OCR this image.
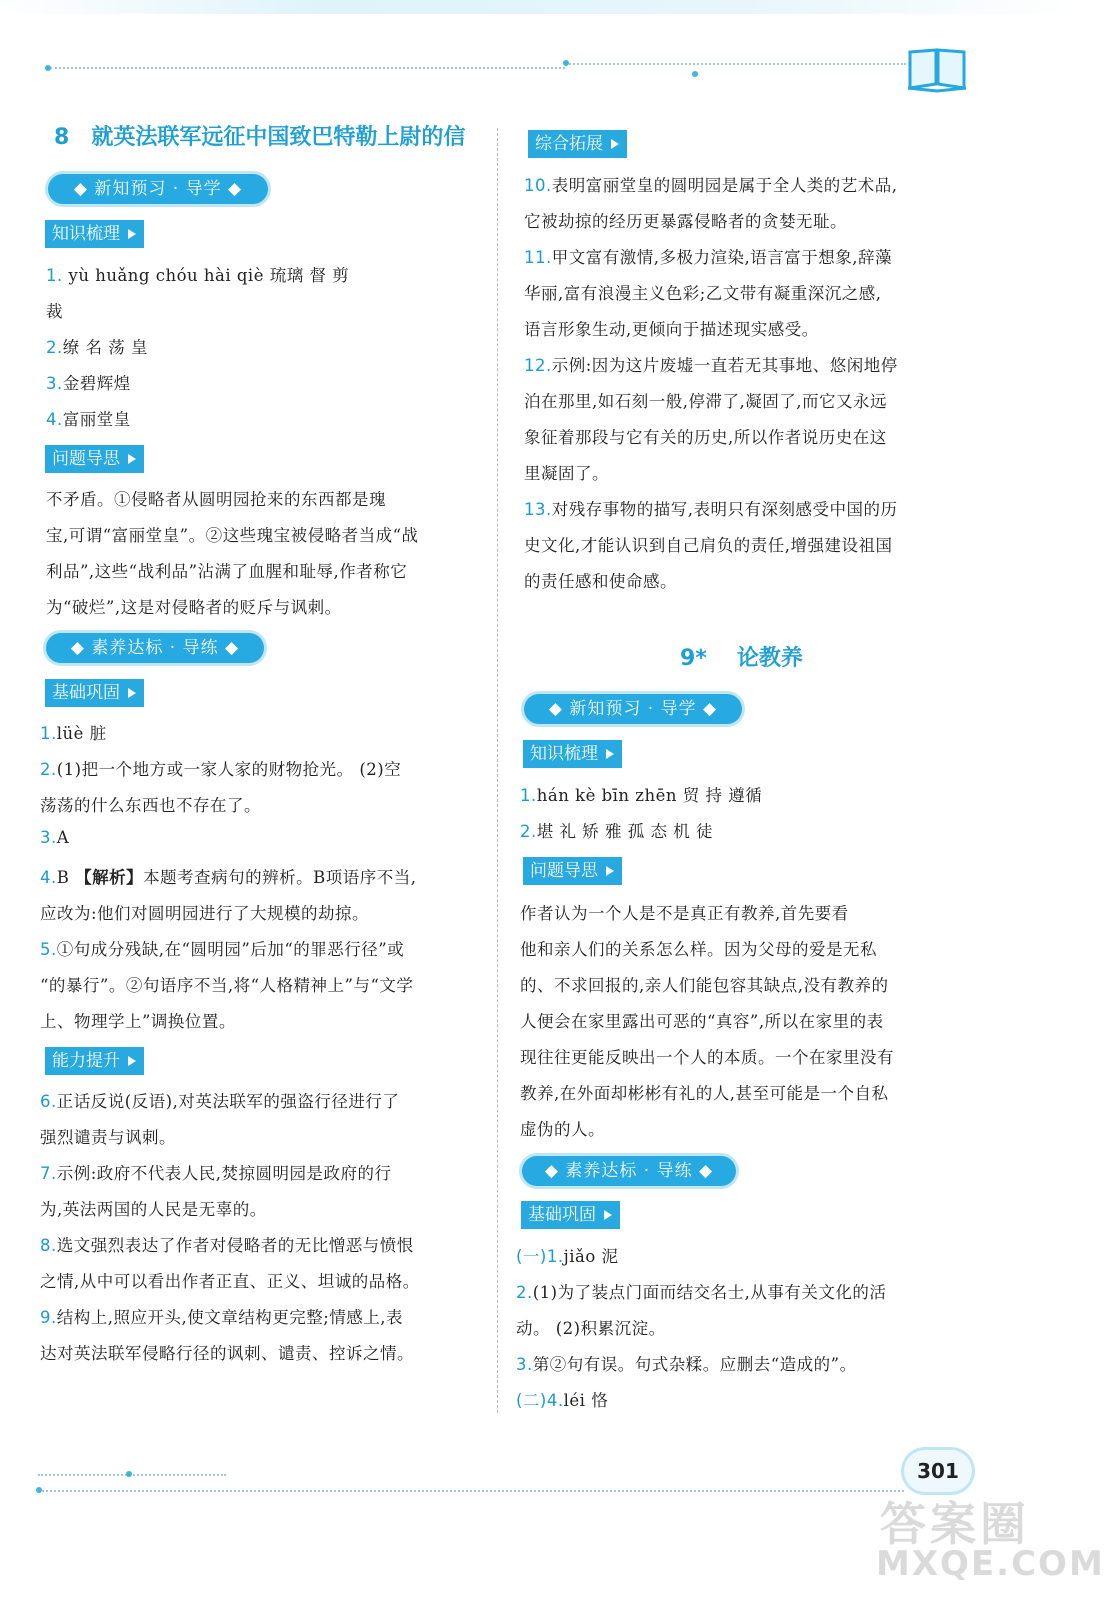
8 就英法联军远征中国致巴特勒上尉的信
◆ 新知预习 · 导学 ◆
知识梳理
1. yù huǎng chóu hài qiè 琉璃 督 剪
裁
2.缭 名 荡 皇
3.金碧辉煌
4.富丽堂皇
问题导思
不矛盾。①侵略者从圆明园抢来的东西都是瑰
宝,可谓“富丽堂皇”。②这些瑰宝被侵略者当成“战
利品”,这些“战利品”沾满了血腥和耻辱,作者称它
为“破烂”,这是对侵略者的贬斥与讽刺。
◆ 素养达标 · 导练 ◆
基础巩固
1.lüè 脏
2.(1)把一个地方或一家人家的财物抢光。 (2)空
荡荡的什么东西也不存在了。
3.A
4.B 【解析】本题考查病句的辨析。B项语序不当,
应改为:他们对圆明园进行了大规模的劫掠。
5.①句成分残缺,在“圆明园”后加“的罪恶行径”或
“的暴行”。②句语序不当,将“人格精神上”与“文学
上、物理学上”调换位置。
能力提升
6.正话反说(反语),对英法联军的强盗行径进行了
强烈谴责与讽刺。
7.示例:政府不代表人民,焚掠圆明园是政府的行
为,英法两国的人民是无辜的。
8.选文强烈表达了作者对侵略者的无比憎恶与愤恨
之情,从中可以看出作者正直、正义、坦诚的品格。
9.结构上,照应开头,使文章结构更完整;情感上,表
达对英法联军侵略行径的讽刺、谴责、控诉之情。
综合拓展
10.表明富丽堂皇的圆明园是属于全人类的艺术品,
它被劫掠的经历更暴露侵略者的贪婪无耻。
11.甲文富有激情,多极力渲染,语言富于想象,辞藻
华丽,富有浪漫主义色彩;乙文带有凝重深沉之感,
语言形象生动,更倾向于描述现实感受。
12.示例:因为这片废墟一直若无其事地、悠闲地停
泊在那里,如石刻一般,停滞了,凝固了,而它又永远
象征着那段与它有关的历史,所以作者说历史在这
里凝固了。
13.对残存事物的描写,表明只有深刻感受中国的历
史文化,才能认识到自己肩负的责任,增强建设祖国
的责任感和使命感。
9* 论教养
◆ 新知预习 · 导学 ◆
知识梳理
1.hán kè bīn zhēn 贸 持 遵循
2.堪 礼 矫 雅 孤 态 机 徒
问题导思
作者认为一个人是不是真正有教养,首先要看
他和亲人们的关系怎么样。因为父母的爱是无私
的、不求回报的,亲人们能包容其缺点,没有教养的
人便会在家里露出可恶的“真容”,所以在家里的表
现往往更能反映出一个人的本质。一个在家里没有
教养,在外面却彬彬有礼的人,甚至可能是一个自私
虚伪的人。
◆ 素养达标 · 导练 ◆
基础巩固
(一)1.jiǎo 泥
2.(1)为了装点门面而结交名士,从事有关文化的活
动。 (2)积累沉淀。
3.第②句有误。句式杂糅。应删去“造成的”。
(二)4.léi 恪
301
答案圈
MXQE.COM
